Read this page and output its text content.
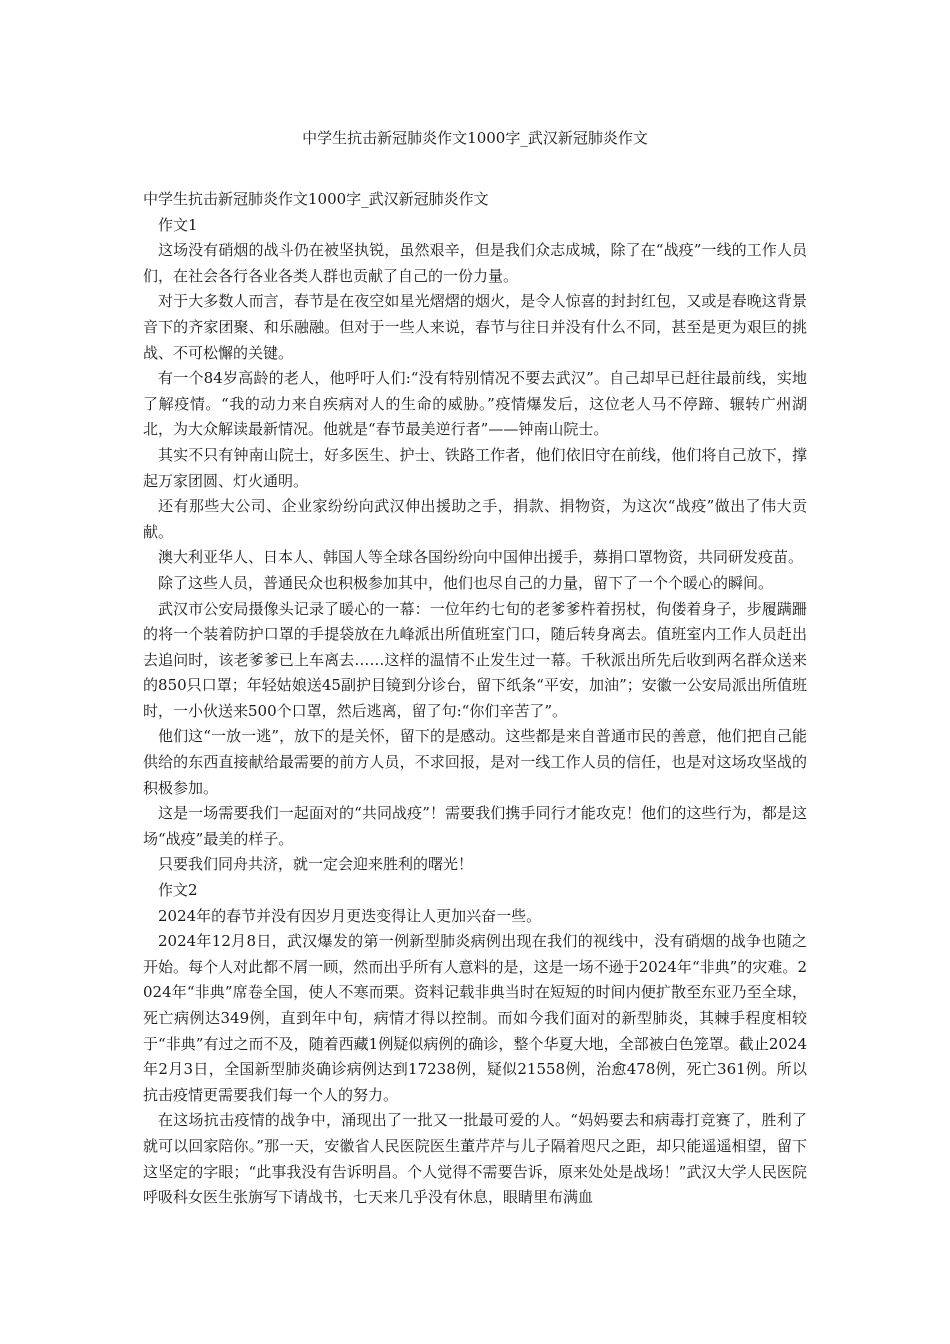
中学生抗击新冠肺炎作文1000字_武汉新冠肺炎作文

中学生抗击新冠肺炎作文1000字_武汉新冠肺炎作文

作文1

这场没有硝烟的战斗仍在被坚执锐，虽然艰辛，但是我们众志成城，除了在“战疫”一线的工作人员们，在社会各行各业各类人群也贡献了自己的一份力量。

对于大多数人而言，春节是在夜空如星光熠熠的烟火，是令人惊喜的封封红包，又或是春晚这背景音下的齐家团聚、和乐融融。但对于一些人来说，春节与往日并没有什么不同，甚至是更为艰巨的挑战、不可松懈的关键。

有一个84岁高龄的老人，他呼吁人们:“没有特别情况不要去武汉”。自己却早已赶往最前线，实地了解疫情。“我的动力来自疾病对人的生命的威胁。”疫情爆发后，这位老人马不停蹄、辗转广州湖北，为大众解读最新情况。他就是“春节最美逆行者”——钟南山院士。

其实不只有钟南山院士，好多医生、护士、铁路工作者，他们依旧守在前线，他们将自己放下，撑起万家团圆、灯火通明。

还有那些大公司、企业家纷纷向武汉伸出援助之手，捐款、捐物资，为这次“战疫”做出了伟大贡献。

澳大利亚华人、日本人、韩国人等全球各国纷纷向中国伸出援手，募捐口罩物资，共同研发疫苗。

除了这些人员，普通民众也积极参加其中，他们也尽自己的力量，留下了一个个暖心的瞬间。

武汉市公安局摄像头记录了暖心的一幕：一位年约七旬的老爹爹杵着拐杖，佝偻着身子，步履蹒跚的将一个装着防护口罩的手提袋放在九峰派出所值班室门口，随后转身离去。值班室内工作人员赶出去追问时，该老爹爹已上车离去……这样的温情不止发生过一幕。千秋派出所先后收到两名群众送来的850只口罩；年轻姑娘送45副护目镜到分诊台，留下纸条“平安，加油”；安徽一公安局派出所值班时，一小伙送来500个口罩，然后逃离，留了句:“你们辛苦了”。

他们这“一放一逃”，放下的是关怀，留下的是感动。这些都是来自普通市民的善意，他们把自己能供给的东西直接献给最需要的前方人员，不求回报，是对一线工作人员的信任，也是对这场攻坚战的积极参加。

这是一场需要我们一起面对的“共同战疫”！需要我们携手同行才能攻克！他们的这些行为，都是这场“战疫”最美的样子。

只要我们同舟共济，就一定会迎来胜利的曙光！

作文2

2024年的春节并没有因岁月更迭变得让人更加兴奋一些。

2024年12月8日，武汉爆发的第一例新型肺炎病例出现在我们的视线中，没有硝烟的战争也随之开始。每个人对此都不屑一顾，然而出乎所有人意料的是，这是一场不逊于2024年“非典”的灾难。2024年“非典”席卷全国，使人不寒而栗。资料记载非典当时在短短的时间内便扩散至东亚乃至全球，死亡病例达349例，直到年中旬，病情才得以控制。而如今我们面对的新型肺炎，其棘手程度相较于“非典”有过之而不及，随着西藏1例疑似病例的确诊，整个华夏大地，全部被白色笼罩。截止2024年2月3日，全国新型肺炎确诊病例达到17238例，疑似21558例，治愈478例，死亡361例。所以抗击疫情更需要我们每一个人的努力。

在这场抗击疫情的战争中，涌现出了一批又一批最可爱的人。“妈妈要去和病毒打竞赛了，胜利了就可以回家陪你。”那一天，安徽省人民医院医生董芹芹与儿子隔着咫尺之距，却只能遥遥相望，留下这坚定的字眼；“此事我没有告诉明昌。个人觉得不需要告诉，原来处处是战场！”武汉大学人民医院呼吸科女医生张旃写下请战书，七天来几乎没有休息，眼睛里布满血
